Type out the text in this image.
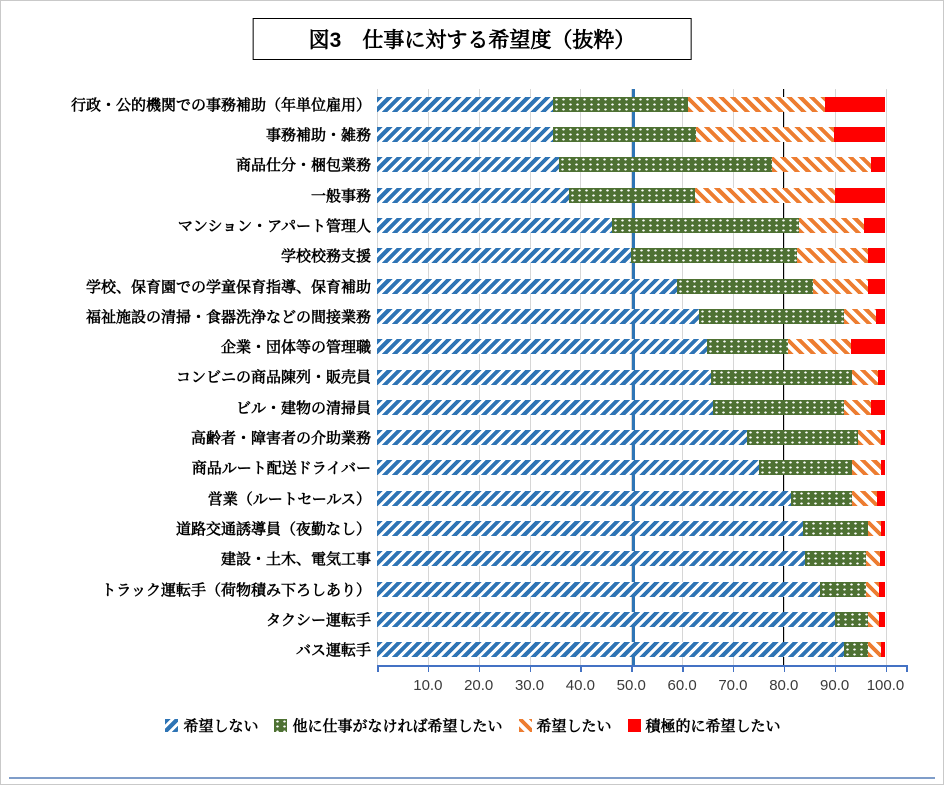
図3　仕事に対する希望度（抜粋）
行政・公的機関での事務補助（年単位雇用）
事務補助・雑務
商品仕分・梱包業務
一般事務
マンション・アパート管理人
学校校務支援
学校、保育園での学童保育指導、保育補助
福祉施設の清掃・食器洗浄などの間接業務
企業・団体等の管理職
コンビニの商品陳列・販売員
ビル・建物の清掃員
高齢者・障害者の介助業務
商品ルート配送ドライバー
営業（ルートセールス）
道路交通誘導員（夜勤なし）
建設・土木、電気工事
トラック運転手（荷物積み下ろしあり）
タクシー運転手
バス運転手
10.0	20.0	30.0	40.0	50.0	60.0	70.0	80.0	90.0	100.0
希望しない 他に仕事がなければ希望したい 希望したい 積極的に希望したい
